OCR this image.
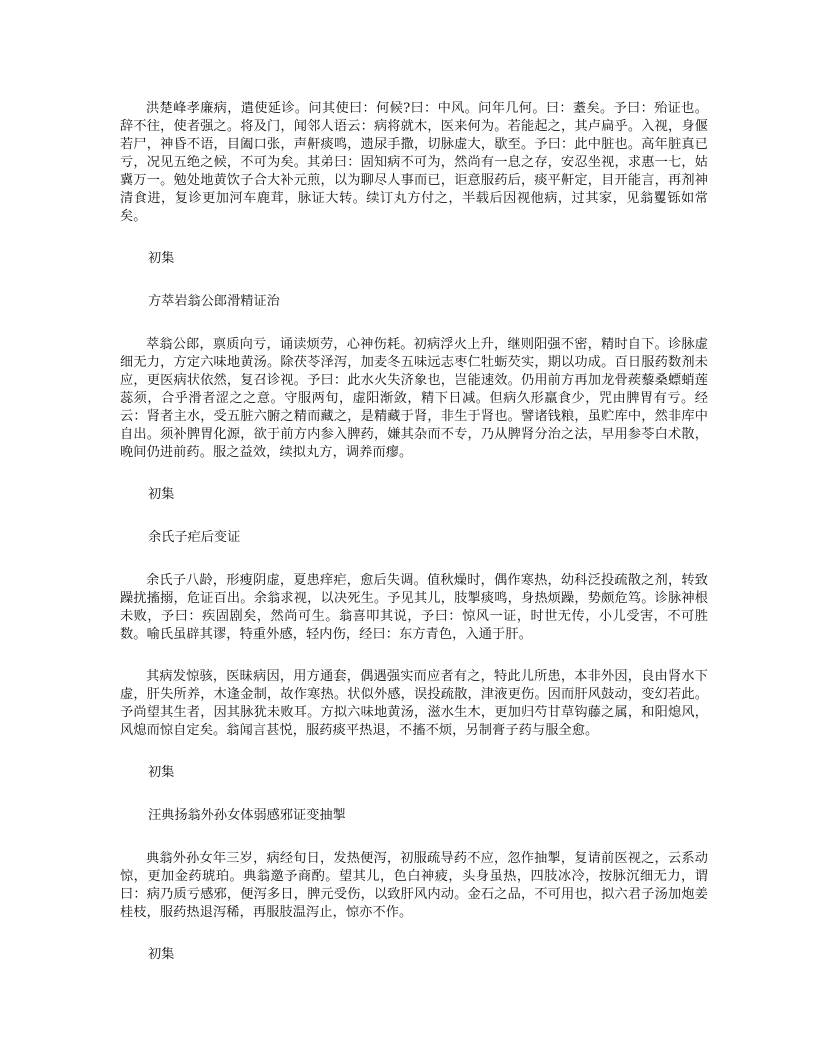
洪楚峰孝廉病，遣使延诊。问其使曰：何候?曰：中风。问年几何。曰：耋矣。予曰：殆证也。辞不往，使者强之。将及门，闻邻人语云：病将就木，医来何为。若能起之，其卢扁乎。入视，身偃若尸，神昏不语，目阖口张，声鼾痰鸣，遗尿手撒，切脉虚大，歇至。予曰：此中脏也。高年脏真已亏，况见五绝之候，不可为矣。其弟曰：固知病不可为，然尚有一息之存，安忍坐视，求惠一七，姑冀万一。勉处地黄饮子合大补元煎，以为聊尽人事而已，讵意服药后，痰平鼾定，目开能言，再剂神清食进，复诊更加河车鹿茸，脉证大转。续订丸方付之，半载后因视他病，过其家，见翁矍铄如常矣。

初集

方萃岩翁公郎滑精证治

萃翁公郎，禀质向亏，诵读烦劳，心神伤耗。初病浮火上升，继则阳强不密，精时自下。诊脉虚细无力，方定六味地黄汤。除茯苓泽泻，加麦冬五味远志枣仁牡蛎芡实，期以功成。百日服药数剂未应，更医病状依然，复召诊视。予曰：此水火失济象也，岂能速效。仍用前方再加龙骨蒺藜桑螵蛸莲蕊须，合乎滑者涩之之意。守服两旬，虚阳渐敛，精下日减。但病久形羸食少，咒由脾胃有亏。经云：肾者主水，受五脏六腑之精而藏之，是精藏于肾，非生于肾也。譬诸钱粮，虽贮库中，然非库中自出。须补脾胃化源，欲于前方内参入脾药，嫌其杂而不专，乃从脾肾分治之法，早用参苓白术散，晚间仍进前药。服之益效，续拟丸方，调养而瘳。

初集

余氏子疟后变证

余氏子八龄，形瘦阴虚，夏患痒疟，愈后失调。值秋燥时，偶作寒热，幼科泛投疏散之剂，转致躁扰搐搦，危证百出。余翁求视，以决死生。予见其儿，肢掣痰鸣，身热烦躁，势颇危笃。诊脉神根未败，予曰：疾固剧矣，然尚可生。翁喜叩其说，予曰：惊风一证，时世无传，小儿受害，不可胜数。喻氏虽辟其谬，特重外感，轻内伤，经曰：东方青色，入通于肝。

其病发惊骇，医昧病因，用方通套，偶遇强实而应者有之，特此儿所患，本非外因，良由肾水下虚，肝失所养，木逢金制，故作寒热。状似外感，误投疏散，津液更伤。因而肝风鼓动，变幻若此。予尚望其生者，因其脉犹未败耳。方拟六味地黄汤，滋水生木，更加归芍甘草钩藤之属，和阳熄风，风熄而惊自定矣。翁闻言甚悦，服药痰平热退，不搐不烦，另制膏子药与服全愈。

初集

汪典扬翁外孙女体弱感邪证变抽掣

典翁外孙女年三岁，病经旬日，发热便泻，初服疏导药不应，忽作抽掣，复请前医视之，云系动惊，更加金药琥珀。典翁邀予商酌。望其儿，色白神疲，头身虽热，四肢冰冷，按脉沉细无力，谓曰：病乃质亏感邪，便泻多日，脾元受伤，以致肝风内动。金石之品，不可用也，拟六君子汤加炮姜桂枝，服药热退泻稀，再服肢温泻止，惊亦不作。

初集
